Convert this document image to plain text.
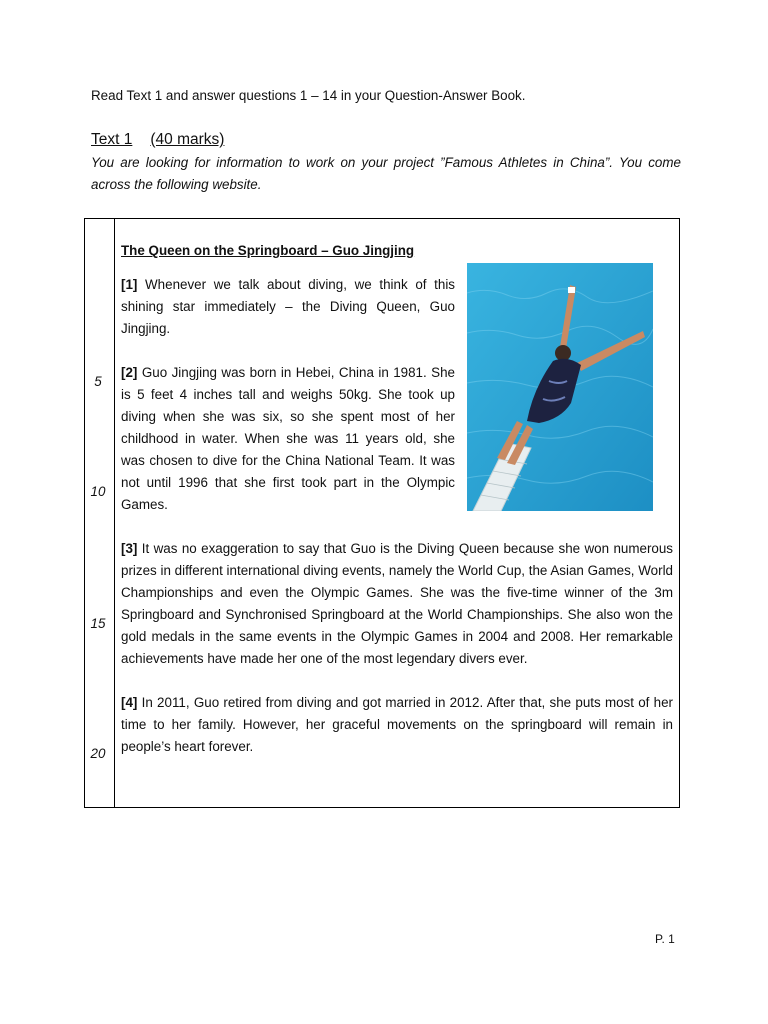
Read Text 1 and answer questions 1 – 14 in your Question-Answer Book.
Text 1 (40 marks)
You are looking for information to work on your project ”Famous Athletes in China”. You come across the following website.
5
10
15
20
The Queen on the Springboard – Guo Jingjing

[1] Whenever we talk about diving, we think of this shining star immediately – the Diving Queen, Guo Jingjing.

[2] Guo Jingjing was born in Hebei, China in 1981. She is 5 feet 4 inches tall and weighs 50kg. She took up diving when she was six, so she spent most of her childhood in water. When she was 11 years old, she was chosen to dive for the China National Team. It was not until 1996 that she first took part in the Olympic Games.

[3] It was no exaggeration to say that Guo is the Diving Queen because she won numerous prizes in different international diving events, namely the World Cup, the Asian Games, World Championships and even the Olympic Games. She was the five-time winner of the 3m Springboard and Synchronised Springboard at the World Championships. She also won the gold medals in the same events in the Olympic Games in 2004 and 2008. Her remarkable achievements have made her one of the most legendary divers ever.

[4] In 2011, Guo retired from diving and got married in 2012. After that, she puts most of her time to her family. However, her graceful movements on the springboard will remain in people’s heart forever.

P. 1
